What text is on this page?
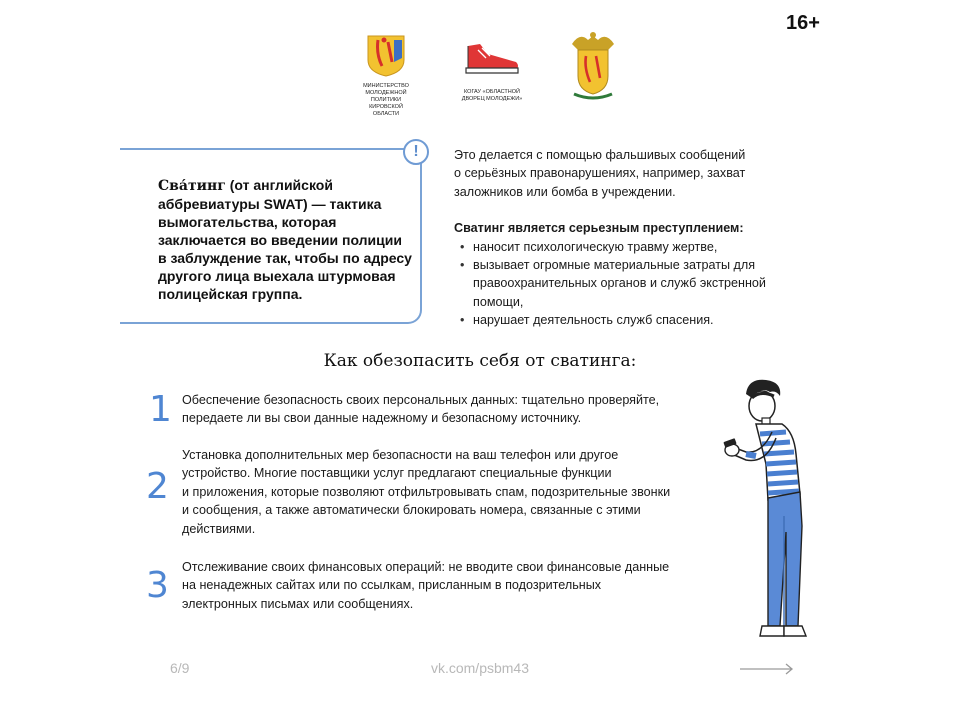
16+
МИНИСТЕРСТВО МОЛОДЕЖНОЙ ПОЛИТИКИ КИРОВСКОЙ ОБЛАСТИ
КОГАУ «ОБЛАСТНОЙ ДВОРЕЦ МОЛОДЕЖИ»
!
Сва́тинг (от английской
аббревиатуры SWAT) — тактика
вымогательства, которая
заключается во введении полиции
в заблуждение так, чтобы по адресу
другого лица выехала штурмовая
полицейская группа.

Это делается с помощью фальшивых сообщений
о серьёзных правонарушениях, например, захват
заложников или бомба в учреждении.

Сватинг является серьезным преступлением:

• наносит психологическую травму жертве,
• вызывает огромные материальные затраты для
правоохранительных органов и служб экстренной
помощи,
• нарушает деятельность служб спасения.
Как обезопасить себя от сватинга:
1 Обеспечение безопасность своих персональных данных: тщательно проверяйте,
передаете ли вы свои данные надежному и безопасному источнику.
2
Установка дополнительных мер безопасности на ваш телефон или другое
устройство. Многие поставщики услуг предлагают специальные функции
и приложения, которые позволяют отфильтровывать спам, подозрительные звонки
и сообщения, а также автоматически блокировать номера, связанные с этими
действиями.
3 Отслеживание своих финансовых операций: не вводите свои финансовые данные
на ненадежных сайтах или по ссылкам, присланным в подозрительных
электронных письмах или сообщениях.
6/9	vk.com/psbm43
